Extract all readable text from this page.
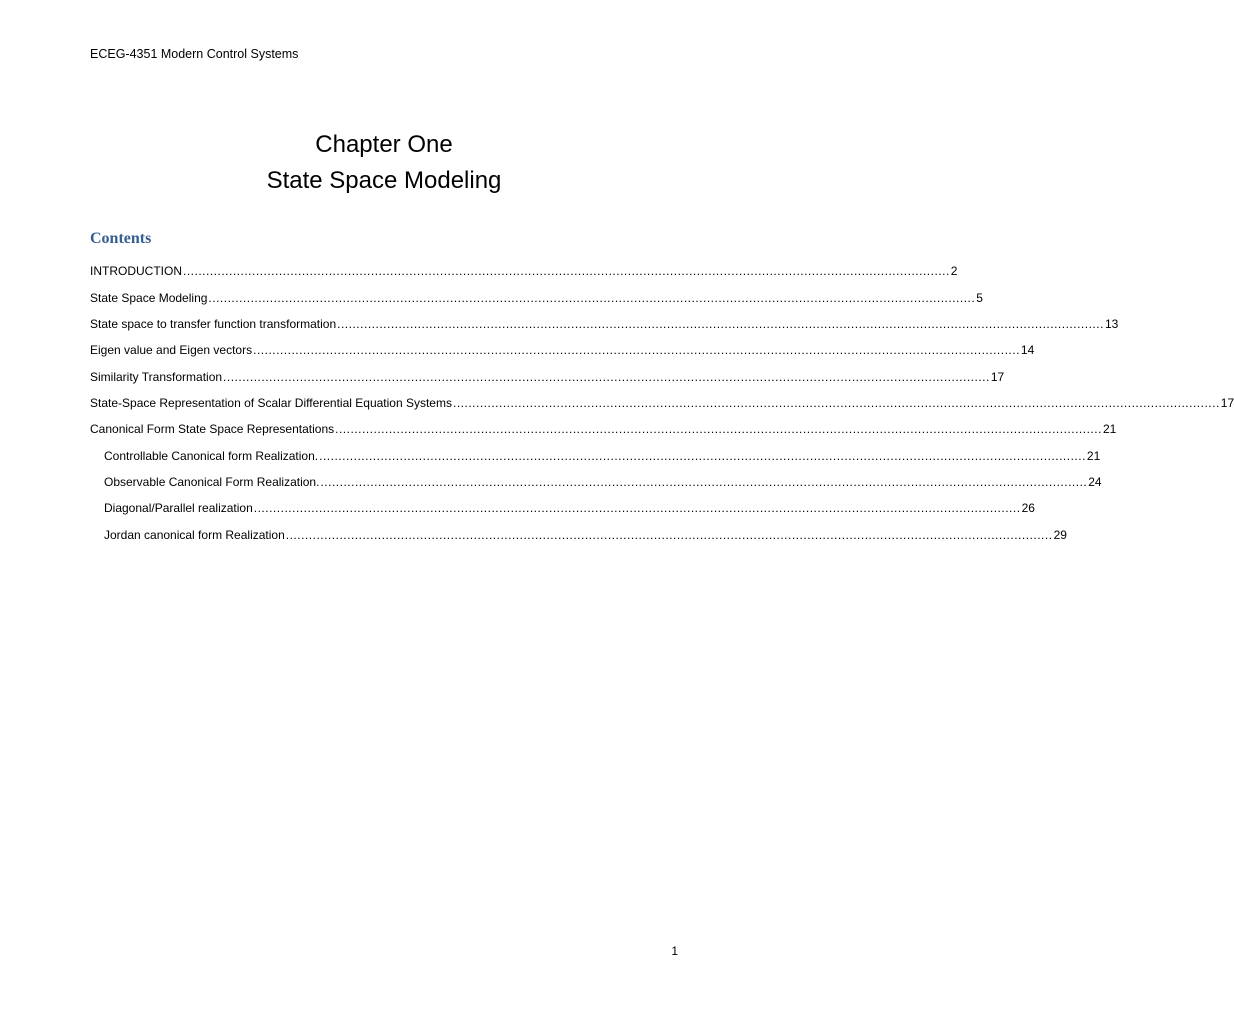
ECEG-4351 Modern Control Systems
Chapter One
State Space Modeling
Contents
INTRODUCTION ........................................................................................................................................................................................................ 2
State Space Modeling ........................................................................................................................................................................................................ 5
State space to transfer function transformation ........................................................................................................................................................................................................ 13
Eigen value and Eigen vectors ........................................................................................................................................................................................................ 14
Similarity Transformation ........................................................................................................................................................................................................ 17
State-Space Representation of Scalar Differential Equation Systems ........................................................................................................................................................................................................ 17
Canonical Form State Space Representations ........................................................................................................................................................................................................ 21
Controllable Canonical form Realization. ........................................................................................................................................................................................................ 21
Observable Canonical Form Realization. ........................................................................................................................................................................................................ 24
Diagonal/Parallel realization ........................................................................................................................................................................................................ 26
Jordan canonical form Realization ........................................................................................................................................................................................................ 29
1
